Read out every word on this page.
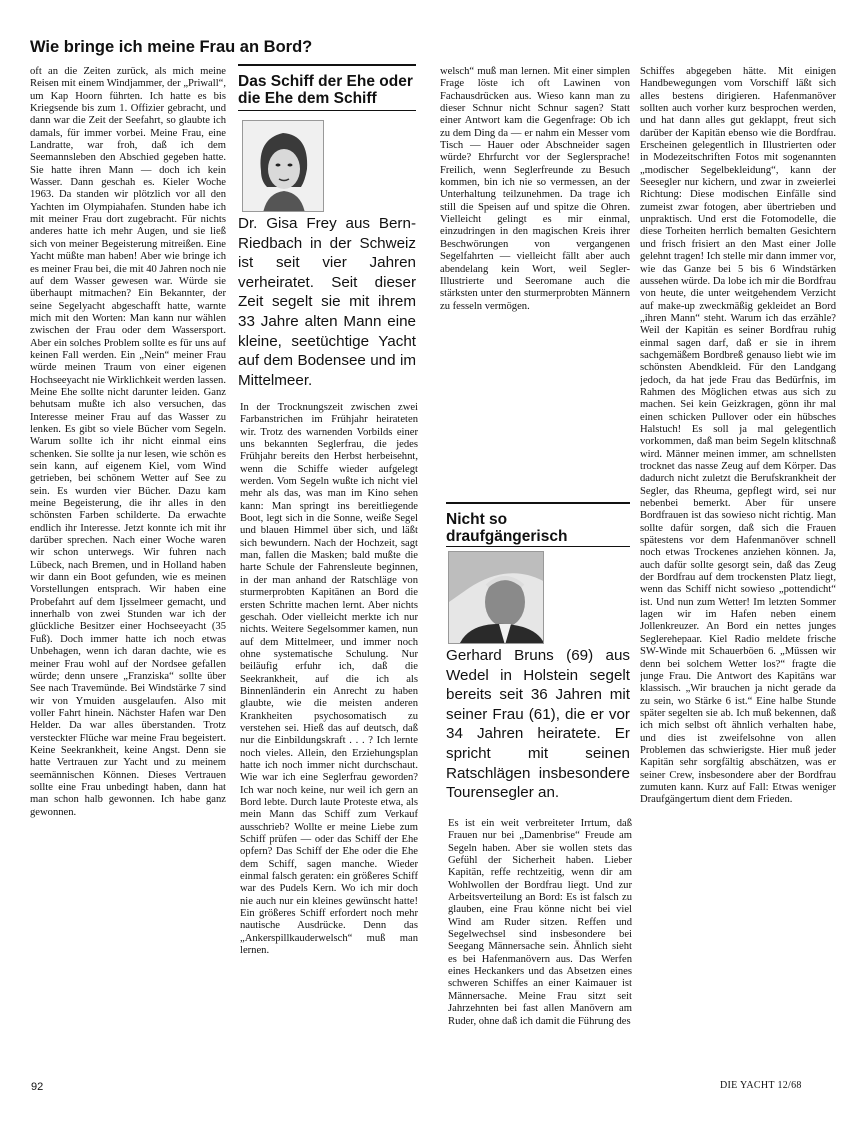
Wie bringe ich meine Frau an Bord?

oft an die Zeiten zurück, als mich meine Reisen mit einem Windjammer, der „Priwall“, um Kap Hoorn führten. Ich hatte es bis Kriegsende bis zum 1. Offizier gebracht, und dann war die Zeit der Seefahrt, so glaubte ich damals, für immer vorbei. Meine Frau, eine Landratte, war froh, daß ich dem Seemannsleben den Abschied gegeben hatte. Sie hatte ihren Mann — doch ich kein Wasser. Dann geschah es. Kieler Woche 1963. Da standen wir plötzlich vor all den Yachten im Olympiahafen. Stunden habe ich mit meiner Frau dort zugebracht. Für nichts anderes hatte ich mehr Augen, und sie ließ sich von meiner Begeisterung mitreißen. Eine Yacht müßte man haben! Aber wie bringe ich es meiner Frau bei, die mit 40 Jahren noch nie auf dem Wasser gewesen war. Würde sie überhaupt mitmachen? Ein Bekannter, der seine Segelyacht abgeschafft hatte, warnte mich mit den Worten: Man kann nur wählen zwischen der Frau oder dem Wassersport. Aber ein solches Problem sollte es für uns auf keinen Fall werden. Ein „Nein“ meiner Frau würde meinen Traum von einer eigenen Hochseeyacht nie Wirklichkeit werden lassen. Meine Ehe sollte nicht darunter leiden. Ganz behutsam mußte ich also versuchen, das Interesse meiner Frau auf das Wasser zu lenken. Es gibt so viele Bücher vom Segeln. Warum sollte ich ihr nicht einmal eins schenken. Sie sollte ja nur lesen, wie schön es sein kann, auf eigenem Kiel, vom Wind getrieben, bei schönem Wetter auf See zu sein. Es wurden vier Bücher. Dazu kam meine Begeisterung, die ihr alles in den schönsten Farben schilderte. Da erwachte endlich ihr Interesse. Jetzt konnte ich mit ihr darüber sprechen. Nach einer Woche waren wir schon unterwegs. Wir fuhren nach Lübeck, nach Bremen, und in Holland haben wir dann ein Boot gefunden, wie es meinen Vorstellungen entsprach. Wir haben eine Probefahrt auf dem Ijsselmeer gemacht, und innerhalb von zwei Stunden war ich der glückliche Besitzer einer Hochseeyacht (35 Fuß). Doch immer hatte ich noch etwas Unbehagen, wenn ich daran dachte, wie es meiner Frau wohl auf der Nordsee gefallen würde; denn unsere „Franziska“ sollte über See nach Travemünde. Bei Windstärke 7 sind wir von Ymuiden ausgelaufen. Also mit voller Fahrt hinein. Nächster Hafen war Den Helder. Da war alles überstanden. Trotz versteckter Flüche war meine Frau begeistert. Keine Seekrankheit, keine Angst. Denn sie hatte Vertrauen zur Yacht und zu meinem seemännischen Können. Dieses Vertrauen sollte eine Frau unbedingt haben, dann hat man schon halb gewonnen. Ich habe ganz gewonnen.

Das Schiff der Ehe oder die Ehe dem Schiff
Dr. Gisa Frey aus Bern-Riedbach in der Schweiz ist seit vier Jahren verheiratet. Seit dieser Zeit segelt sie mit ihrem 33 Jahre alten Mann eine kleine, seetüchtige Yacht auf dem Bodensee und im Mittelmeer.

In der Trocknungszeit zwischen zwei Farbanstrichen im Frühjahr heirateten wir. Trotz des warnenden Vorbilds einer uns bekannten Seglerfrau, die jedes Frühjahr bereits den Herbst herbeisehnt, wenn die Schiffe wieder aufgelegt werden. Vom Segeln wußte ich nicht viel mehr als das, was man im Kino sehen kann: Man springt ins bereitliegende Boot, legt sich in die Sonne, weiße Segel und blauen Himmel über sich, und läßt sich bewundern. Nach der Hochzeit, sagt man, fallen die Masken; bald mußte die harte Schule der Fahrensleute beginnen, in der man anhand der Ratschläge von sturmerprobten Kapitänen an Bord die ersten Schritte machen lernt. Aber nichts geschah. Oder vielleicht merkte ich nur nichts. Weitere Segelsommer kamen, nun auf dem Mittelmeer, und immer noch ohne systematische Schulung. Nur beiläufig erfuhr ich, daß die Seekrankheit, auf die ich als Binnenländerin ein Anrecht zu haben glaubte, wie die meisten anderen Krankheiten psychosomatisch zu verstehen sei. Hieß das auf deutsch, daß nur die Einbildungskraft . . . ? Ich lernte noch vieles. Allein, den Erziehungsplan hatte ich noch immer nicht durchschaut. Wie war ich eine Seglerfrau geworden? Ich war noch keine, nur weil ich gern an Bord lebte. Durch laute Proteste etwa, als mein Mann das Schiff zum Verkauf ausschrieb? Wollte er meine Liebe zum Schiff prüfen — oder das Schiff der Ehe opfern? Das Schiff der Ehe oder die Ehe dem Schiff, sagen manche. Wieder einmal falsch geraten: ein größeres Schiff war des Pudels Kern. Wo ich mir doch nie auch nur ein kleines gewünscht hatte! Ein größeres Schiff erfordert noch mehr nautische Ausdrücke. Denn das „Ankerspillkauderwelsch“ muß man lernen.

welsch“ muß man lernen. Mit einer simplen Frage löste ich oft Lawinen von Fachausdrücken aus. Wieso kann man zu dieser Schnur nicht Schnur sagen? Statt einer Antwort kam die Gegenfrage: Ob ich zu dem Ding da — er nahm ein Messer vom Tisch — Hauer oder Abschneider sagen würde? Ehrfurcht vor der Seglersprache! Freilich, wenn Seglerfreunde zu Besuch kommen, bin ich nie so vermessen, an der Unterhaltung teilzunehmen. Da trage ich still die Speisen auf und spitze die Ohren. Vielleicht gelingt es mir einmal, einzudringen in den magischen Kreis ihrer Beschwörungen von vergangenen Segelfahrten — vielleicht fällt aber auch abendelang kein Wort, weil Segler-Illustrierte und Seeromane auch die stärksten unter den sturmerprobten Männern zu fesseln vermögen.

Nicht so draufgängerisch
Gerhard Bruns (69) aus Wedel in Holstein segelt bereits seit 36 Jahren mit seiner Frau (61), die er vor 34 Jahren heiratete. Er spricht mit seinen Ratschlägen insbesondere Tourensegler an.

Es ist ein weit verbreiteter Irrtum, daß Frauen nur bei „Damenbrise“ Freude am Segeln haben. Aber sie wollen stets das Gefühl der Sicherheit haben. Lieber Kapitän, reffe rechtzeitig, wenn dir am Wohlwollen der Bordfrau liegt. Und zur Arbeitsverteilung an Bord: Es ist falsch zu glauben, eine Frau könne nicht bei viel Wind am Ruder sitzen. Reffen und Segelwechsel sind insbesondere bei Seegang Männersache sein. Ähnlich sieht es bei Hafenmanövern aus. Das Werfen eines Heckankers und das Absetzen eines schweren Schiffes an einer Kaimauer ist Männersache. Meine Frau sitzt seit Jahrzehnten bei fast allen Manövern am Ruder, ohne daß ich damit die Führung des

Schiffes abgegeben hätte. Mit einigen Handbewegungen vom Vorschiff läßt sich alles bestens dirigieren. Hafenmanöver sollten auch vorher kurz besprochen werden, und hat dann alles gut geklappt, freut sich darüber der Kapitän ebenso wie die Bordfrau. Erscheinen gelegentlich in Illustrierten oder in Modezeitschriften Fotos mit sogenannten „modischer Segelbekleidung“, kann der Seesegler nur kichern, und zwar in zweierlei Richtung: Diese modischen Einfälle sind zumeist zwar fotogen, aber übertrieben und unpraktisch. Und erst die Fotomodelle, die diese Torheiten herrlich bemalten Gesichtern und frisch frisiert an den Mast einer Jolle gelehnt tragen! Ich stelle mir dann immer vor, wie das Ganze bei 5 bis 6 Windstärken aussehen würde. Da lobe ich mir die Bordfrau von heute, die unter weitgehendem Verzicht auf make-up zweckmäßig gekleidet an Bord „ihren Mann“ steht. Warum ich das erzähle? Weil der Kapitän es seiner Bordfrau ruhig einmal sagen darf, daß er sie in ihrem sachgemäßem Bordbreß genauso liebt wie im schönsten Abendkleid. Für den Landgang jedoch, da hat jede Frau das Bedürfnis, im Rahmen des Möglichen etwas aus sich zu machen. Sei kein Geizkragen, gönn ihr mal einen schicken Pullover oder ein hübsches Halstuch! Es soll ja mal gelegentlich vorkommen, daß man beim Segeln klitschnaß wird. Männer meinen immer, am schnellsten trocknet das nasse Zeug auf dem Körper. Das dadurch nicht zuletzt die Berufskrankheit der Segler, das Rheuma, gepflegt wird, sei nur nebenbei bemerkt. Aber für unsere Bordfrauen ist das sowieso nicht richtig. Man sollte dafür sorgen, daß sich die Frauen spätestens vor dem Hafenmanöver schnell noch etwas Trockenes anziehen können. Ja, auch dafür sollte gesorgt sein, daß das Zeug der Bordfrau auf dem trockensten Platz liegt, wenn das Schiff nicht sowieso „pottendicht“ ist. Und nun zum Wetter! Im letzten Sommer lagen wir im Hafen neben einem Jollenkreuzer. An Bord ein nettes junges Seglerehepaar. Kiel Radio meldete frische SW-Winde mit Schauerböen 6. „Müssen wir denn bei solchem Wetter los?“ fragte die junge Frau. Die Antwort des Kapitäns war klassisch. „Wir brauchen ja nicht gerade da zu sein, wo Stärke 6 ist.“ Eine halbe Stunde später segelten sie ab. Ich muß bekennen, daß ich mich selbst oft ähnlich verhalten habe, und dies ist zweifelsohne von allen Problemen das schwierigste. Hier muß jeder Kapitän sehr sorgfältig abschätzen, was er seiner Crew, insbesondere aber der Bordfrau zumuten kann. Kurz auf Fall: Etwas weniger Draufgängertum dient dem Frieden.

92	DIE YACHT 12/68
